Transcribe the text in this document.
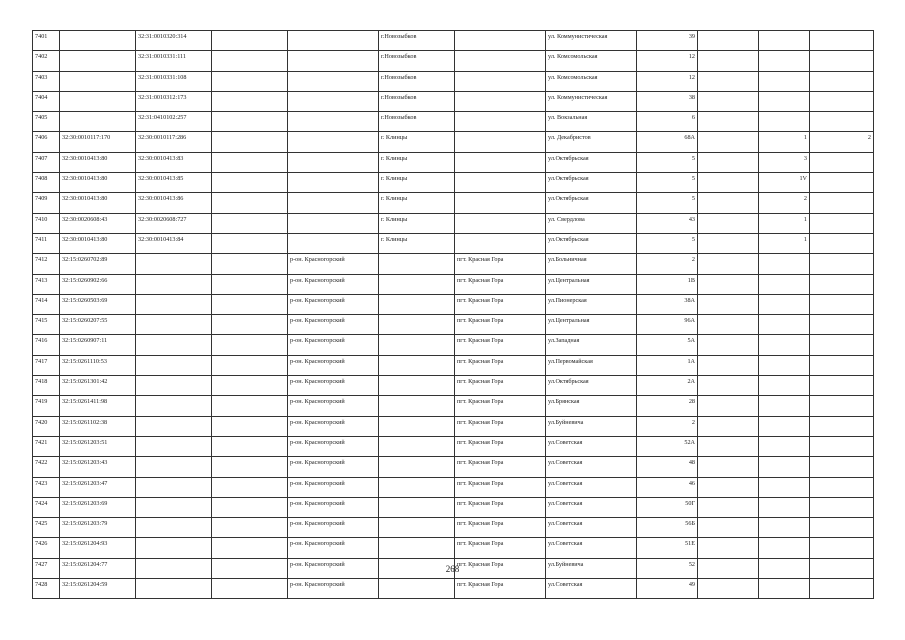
7401		32:31:0010320:314			г.Новозыбков		ул. Коммунистическая	39			
7402		32:31:0010331:111			г.Новозыбков		ул. Комсомольская	12			
7403		32:31:0010331:108			г.Новозыбков		ул. Комсомольская	12			
7404		32:31:0010312:173			г.Новозыбков		ул. Коммунистическая	38			
7405		32:31:0410102:257			г.Новозыбков		ул. Вокзальная	6			
7406	32:30:0010117:170	32:30:0010117:286			г. Клинцы		ул. Декабристов	68А		1	2
7407	32:30:0010413:80	32:30:0010413:83			г. Клинцы		ул.Октябрьская	5		3	
7408	32:30:0010413:80	32:30:0010413:85			г. Клинцы		ул.Октябрьская	5		1V	
7409	32:30:0010413:80	32:30:0010413:86			г. Клинцы		ул.Октябрьская	5		2	
7410	32:30:0020608:43	32:30:0020608:727			г. Клинцы		ул. Свердлова	43		1	
7411	32:30:0010413:80	32:30:0010413:84			г. Клинцы		ул.Октябрьская	5		1	
7412	32:15:0260702:89			р-он. Красногорский		пгт. Красная Гора	ул.Больничная	2			
7413	32:15:0260902:66			р-он. Красногорский		пгт. Красная Гора	ул.Центральная	1В			
7414	32:15:0260503:69			р-он. Красногорский		пгт. Красная Гора	ул.Пионерская	38А			
7415	32:15:0260207:55			р-он. Красногорский		пгт. Красная Гора	ул.Центральная	96А			
7416	32:15:0260907:11			р-он. Красногорский		пгт. Красная Гора	ул.Западная	5А			
7417	32:15:0261110:53			р-он. Красногорский		пгт. Красная Гора	ул.Первомайская	1А			
7418	32:15:0261301:42			р-он. Красногорский		пгт. Красная Гора	ул.Октябрьская	2А			
7419	32:15:0261411:98			р-он. Красногорский		пгт. Красная Гора	ул.Брянская	28			
7420	32:15:0261102:38			р-он. Красногорский		пгт. Красная Гора	ул.Буйневича	2			
7421	32:15:0261203:51			р-он. Красногорский		пгт. Красная Гора	ул.Советская	52А			
7422	32:15:0261203:43			р-он. Красногорский		пгт. Красная Гора	ул.Советская	48			
7423	32:15:0261203:47			р-он. Красногорский		пгт. Красная Гора	ул.Советская	46			
7424	32:15:0261203:69			р-он. Красногорский		пгт. Красная Гора	ул.Советская	50Г			
7425	32:15:0261203:79			р-он. Красногорский		пгт. Красная Гора	ул.Советская	56Б			
7426	32:15:0261204:93			р-он. Красногорский		пгт. Красная Гора	ул.Советская	51Е			
7427	32:15:0261204:77			р-он. Красногорский		пгт. Красная Гора	ул.Буйневича	52			
7428	32:15:0261204:59			р-он. Красногорский		пгт. Красная Гора	ул.Советская	49			
268
